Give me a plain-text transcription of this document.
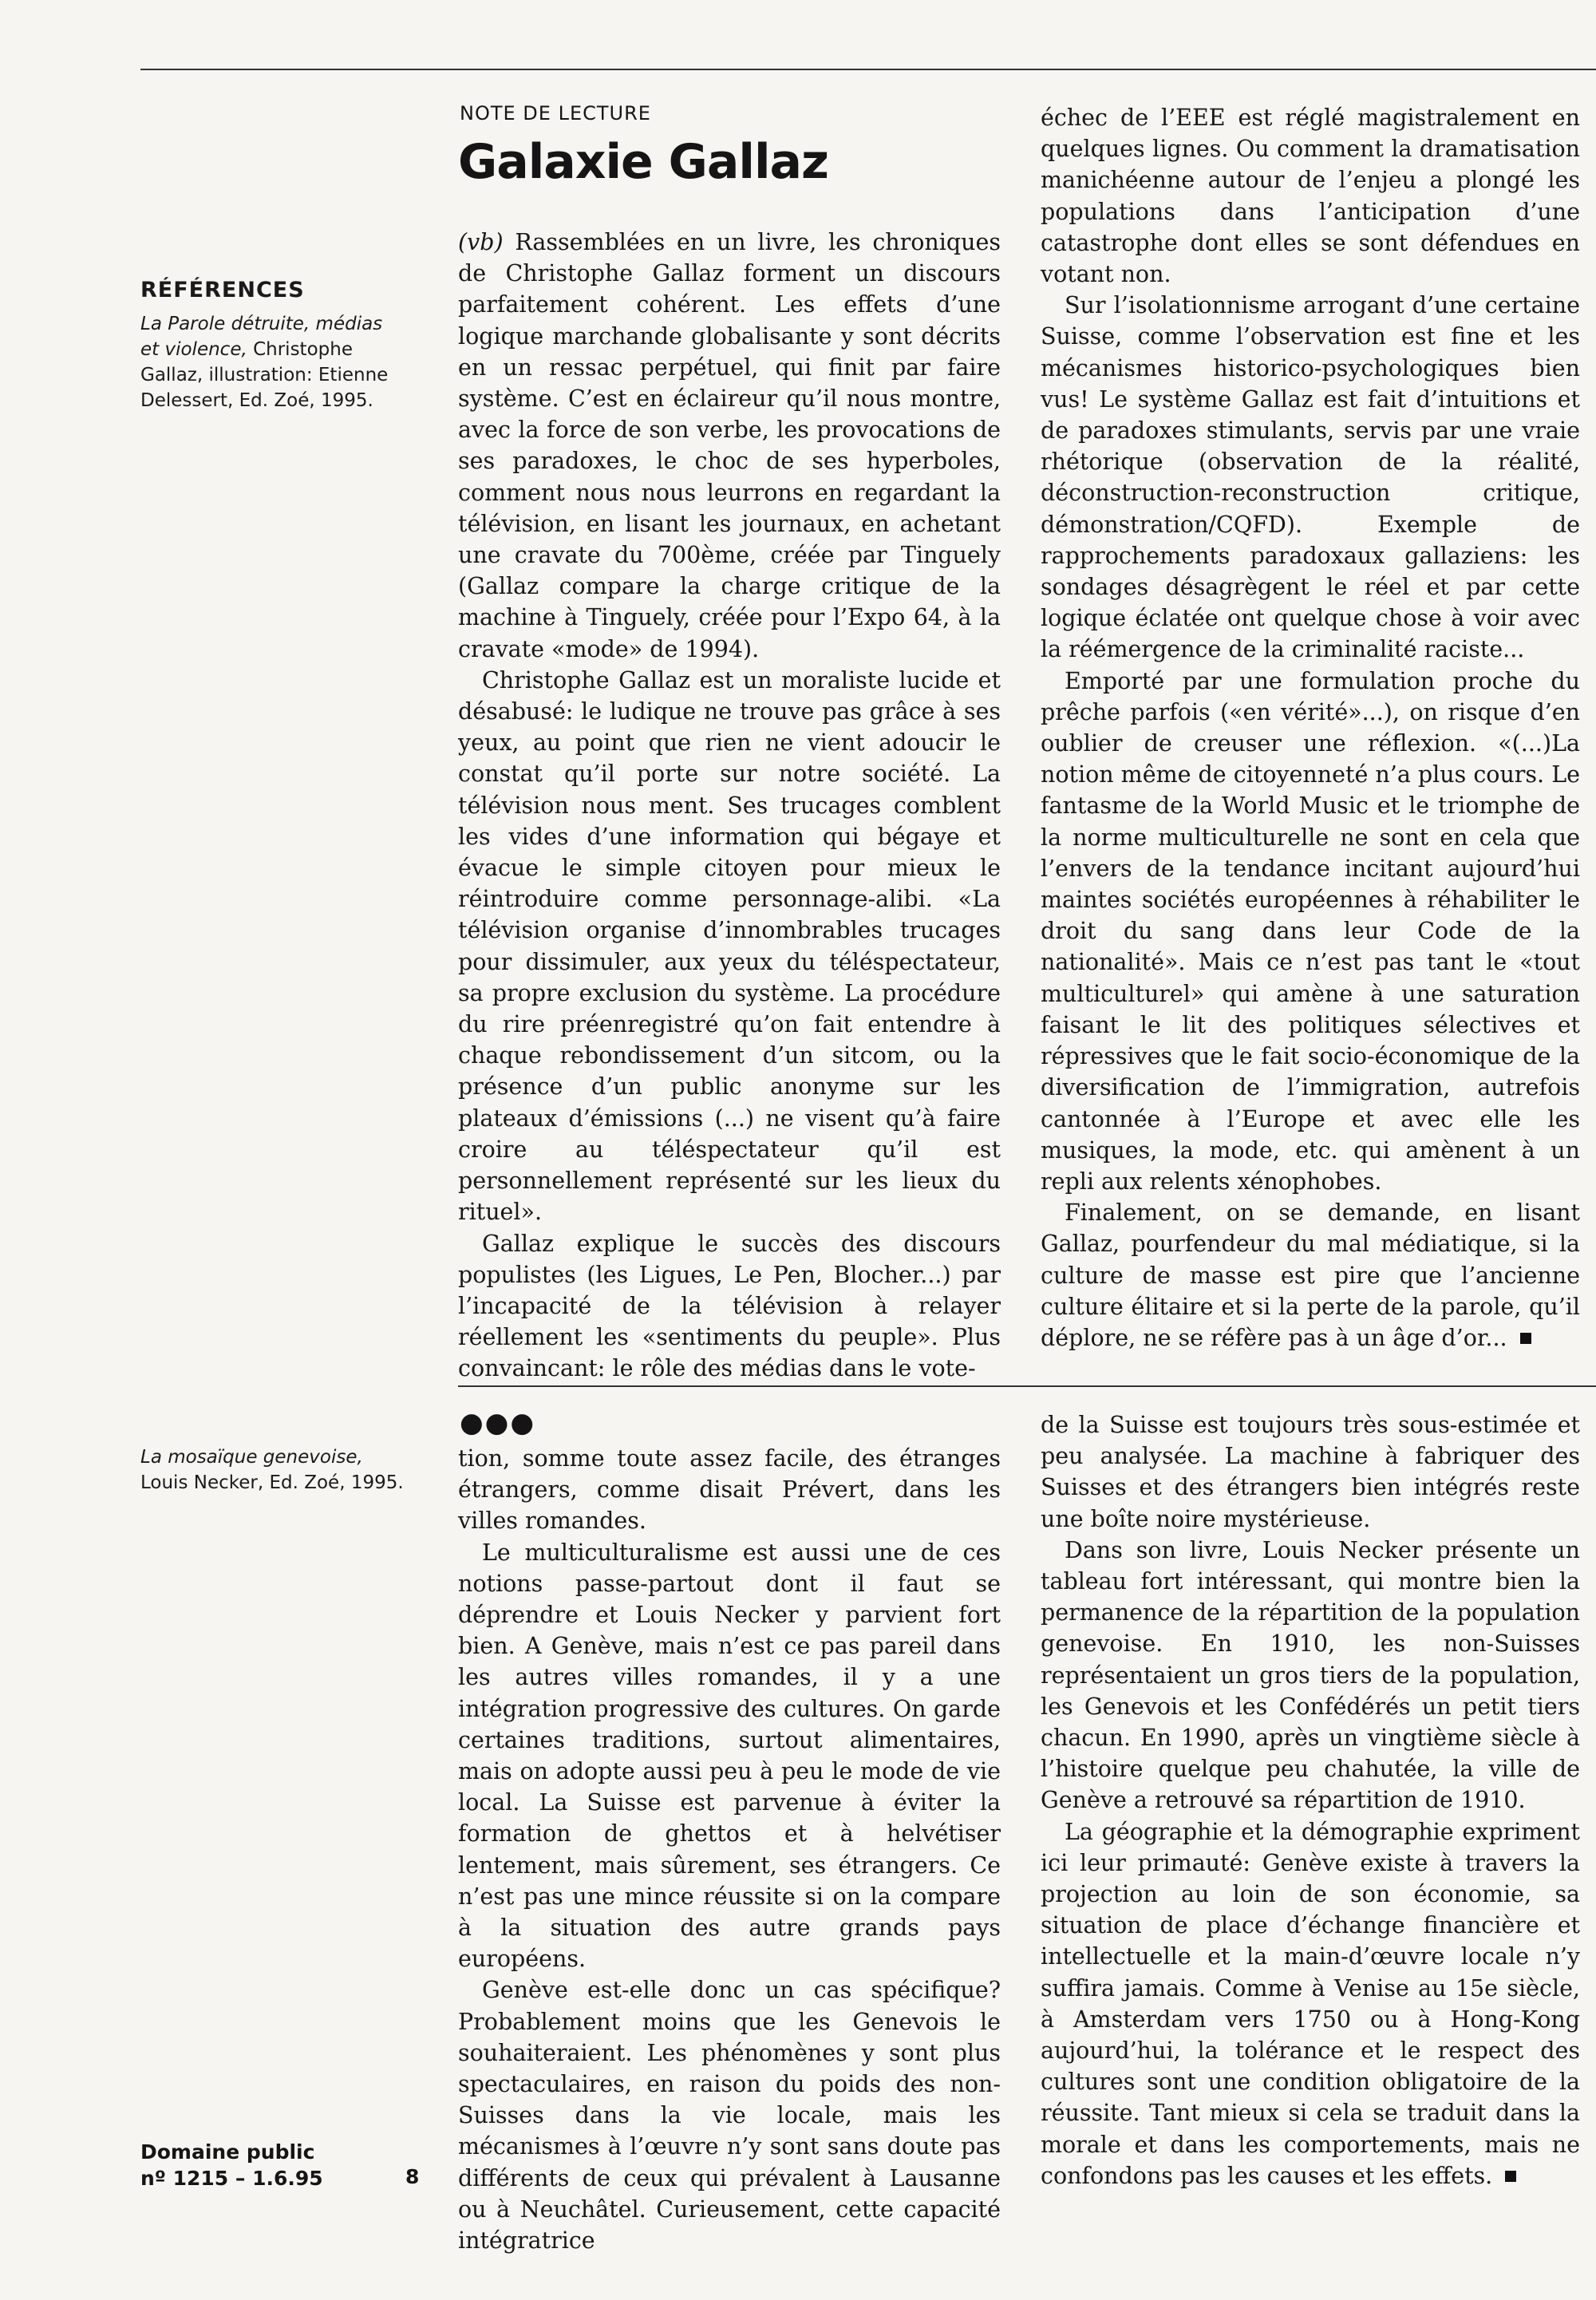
RÉFÉRENCES
La Parole détruite, médias et violence, Christophe Gallaz, illustration: Etienne Delessert, Ed. Zoé, 1995.
La mosaïque genevoise, Louis Necker, Ed. Zoé, 1995.
NOTE DE LECTURE
Galaxie Gallaz

(vb) Rassemblées en un livre, les chroniques de Christophe Gallaz forment un discours parfaitement cohérent. Les effets d’une logique marchande globalisante y sont décrits en un ressac perpétuel, qui finit par faire système. C’est en éclaireur qu’il nous montre, avec la force de son verbe, les provocations de ses paradoxes, le choc de ses hyperboles, comment nous nous leurrons en regardant la télévision, en lisant les journaux, en achetant une cravate du 700ème, créée par Tinguely (Gallaz compare la charge critique de la machine à Tinguely, créée pour l’Expo 64, à la cravate «mode» de 1994).

Christophe Gallaz est un moraliste lucide et désabusé: le ludique ne trouve pas grâce à ses yeux, au point que rien ne vient adoucir le constat qu’il porte sur notre société. La télévision nous ment. Ses trucages comblent les vides d’une information qui bégaye et évacue le simple citoyen pour mieux le réintroduire comme personnage-alibi. «La télévision organise d’innombrables trucages pour dissimuler, aux yeux du téléspectateur, sa propre exclusion du système. La procédure du rire préenregistré qu’on fait entendre à chaque rebondissement d’un sitcom, ou la présence d’un public anonyme sur les plateaux d’émissions (...) ne visent qu’à faire croire au téléspectateur qu’il est personnellement représenté sur les lieux du rituel».

Gallaz explique le succès des discours populistes (les Ligues, Le Pen, Blocher...) par l’incapacité de la télévision à relayer réellement les «sentiments du peuple». Plus convaincant: le rôle des médias dans le vote-

échec de l’EEE est réglé magistralement en quelques lignes. Ou comment la dramatisation manichéenne autour de l’enjeu a plongé les populations dans l’anticipation d’une catastrophe dont elles se sont défendues en votant non.

Sur l’isolationnisme arrogant d’une certaine Suisse, comme l’observation est fine et les mécanismes historico-psychologiques bien vus! Le système Gallaz est fait d’intuitions et de paradoxes stimulants, servis par une vraie rhétorique (observation de la réalité, déconstruction-reconstruction critique, démonstration/CQFD). Exemple de rapprochements paradoxaux gallaziens: les sondages désagrègent le réel et par cette logique éclatée ont quelque chose à voir avec la réémergence de la criminalité raciste...

Emporté par une formulation proche du prêche parfois («en vérité»...), on risque d’en oublier de creuser une réflexion. «(...)La notion même de citoyenneté n’a plus cours. Le fantasme de la World Music et le triomphe de la norme multiculturelle ne sont en cela que l’envers de la tendance incitant aujourd’hui maintes sociétés européennes à réhabiliter le droit du sang dans leur Code de la nationalité». Mais ce n’est pas tant le «tout multiculturel» qui amène à une saturation faisant le lit des politiques sélectives et répressives que le fait socio-économique de la diversification de l’immigration, autrefois cantonnée à l’Europe et avec elle les musiques, la mode, etc. qui amènent à un repli aux relents xénophobes.

Finalement, on se demande, en lisant Gallaz, pourfendeur du mal médiatique, si la culture de masse est pire que l’ancienne culture élitaire et si la perte de la parole, qu’il déplore, ne se réfère pas à un âge d’or...

●●●

tion, somme toute assez facile, des étranges étrangers, comme disait Prévert, dans les villes romandes.

Le multiculturalisme est aussi une de ces notions passe-partout dont il faut se déprendre et Louis Necker y parvient fort bien. A Genève, mais n’est ce pas pareil dans les autres villes romandes, il y a une intégration progressive des cultures. On garde certaines traditions, surtout alimentaires, mais on adopte aussi peu à peu le mode de vie local. La Suisse est parvenue à éviter la formation de ghettos et à helvétiser lentement, mais sûrement, ses étrangers. Ce n’est pas une mince réussite si on la compare à la situation des autre grands pays européens.

Genève est-elle donc un cas spécifique? Probablement moins que les Genevois le souhaiteraient. Les phénomènes y sont plus spectaculaires, en raison du poids des non-Suisses dans la vie locale, mais les mécanismes à l’œuvre n’y sont sans doute pas différents de ceux qui prévalent à Lausanne ou à Neuchâtel. Curieusement, cette capacité intégratrice

de la Suisse est toujours très sous-estimée et peu analysée. La machine à fabriquer des Suisses et des étrangers bien intégrés reste une boîte noire mystérieuse.

Dans son livre, Louis Necker présente un tableau fort intéressant, qui montre bien la permanence de la répartition de la population genevoise. En 1910, les non-Suisses représentaient un gros tiers de la population, les Genevois et les Confédérés un petit tiers chacun. En 1990, après un vingtième siècle à l’histoire quelque peu chahutée, la ville de Genève a retrouvé sa répartition de 1910.

La géographie et la démographie expriment ici leur primauté: Genève existe à travers la projection au loin de son économie, sa situation de place d’échange financière et intellectuelle et la main-d’œuvre locale n’y suffira jamais. Comme à Venise au 15e siècle, à Amsterdam vers 1750 ou à Hong-Kong aujourd’hui, la tolérance et le respect des cultures sont une condition obligatoire de la réussite. Tant mieux si cela se traduit dans la morale et dans les comportements, mais ne confondons pas les causes et les effets.

Domaine public
nº 1215 – 1.6.95	8
